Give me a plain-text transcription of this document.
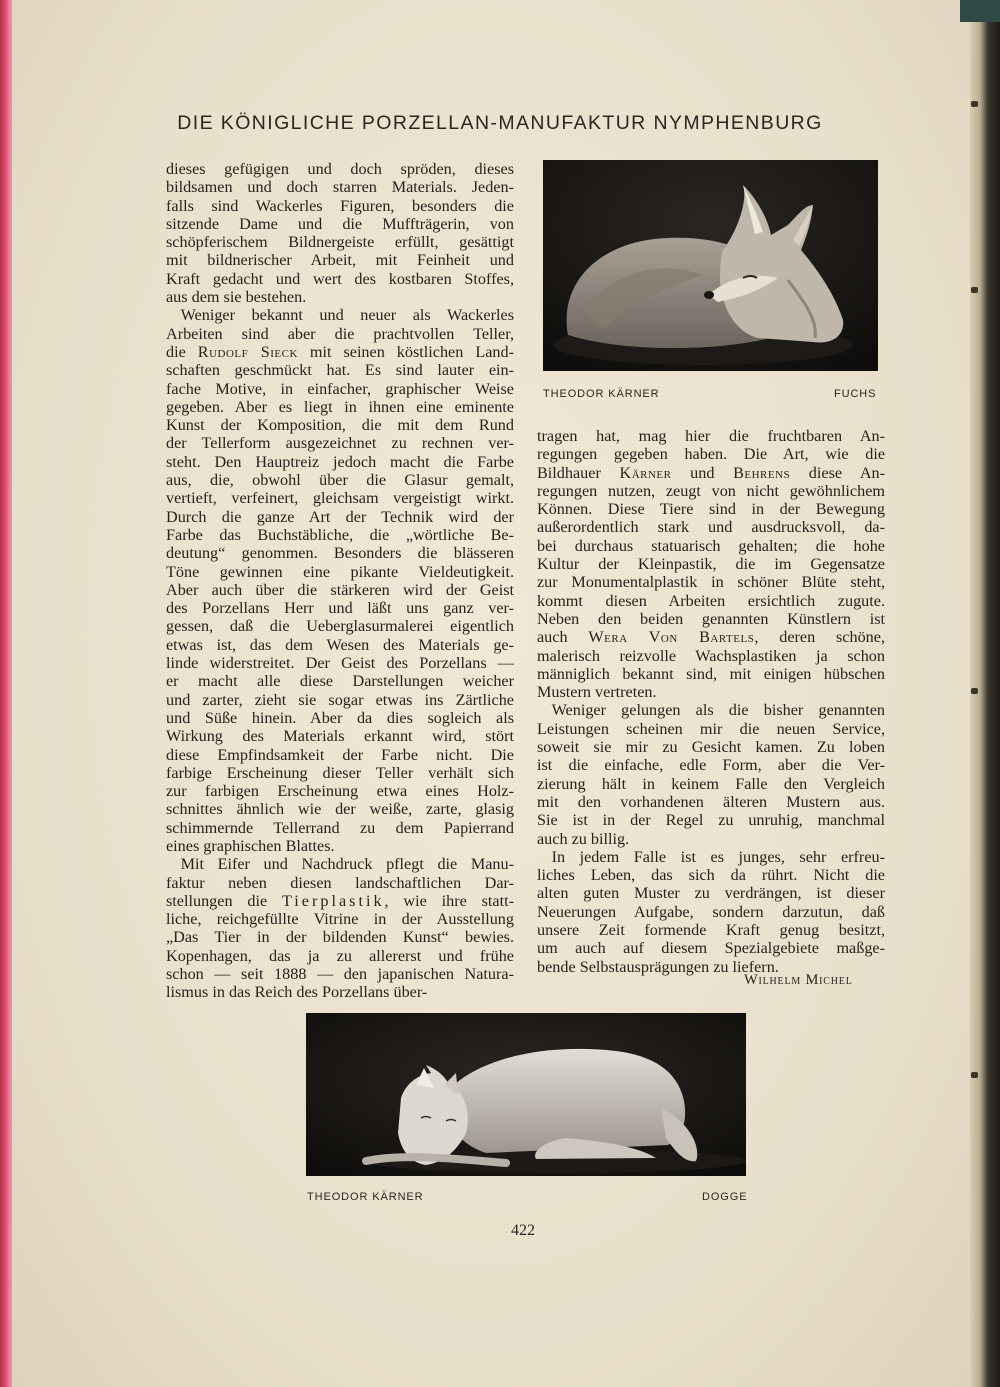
DIE KÖNIGLICHE PORZELLAN-MANUFAKTUR NYMPHENBURG

dieses gefügigen und doch spröden, dieses

bildsamen und doch starren Materials. Jeden-

falls sind Wackerles Figuren, besonders die

sitzende Dame und die Muffträgerin, von

schöpferischem Bildnergeiste erfüllt, gesättigt

mit bildnerischer Arbeit, mit Feinheit und

Kraft gedacht und wert des kostbaren Stoffes,

aus dem sie bestehen.

Weniger bekannt und neuer als Wackerles

Arbeiten sind aber die prachtvollen Teller,

die Rudolf Sieck mit seinen köstlichen Land-

schaften geschmückt hat. Es sind lauter ein-

fache Motive, in einfacher, graphischer Weise

gegeben. Aber es liegt in ihnen eine eminente

Kunst der Komposition, die mit dem Rund

der Tellerform ausgezeichnet zu rechnen ver-

steht. Den Hauptreiz jedoch macht die Farbe

aus, die, obwohl über die Glasur gemalt,

vertieft, verfeinert, gleichsam vergeistigt wirkt.

Durch die ganze Art der Technik wird der

Farbe das Buchstäbliche, die „wörtliche Be-

deutung“ genommen. Besonders die blässeren

Töne gewinnen eine pikante Vieldeutigkeit.

Aber auch über die stärkeren wird der Geist

des Porzellans Herr und läßt uns ganz ver-

gessen, daß die Ueberglasurmalerei eigentlich

etwas ist, das dem Wesen des Materials ge-

linde widerstreitet. Der Geist des Porzellans —

er macht alle diese Darstellungen weicher

und zarter, zieht sie sogar etwas ins Zärtliche

und Süße hinein. Aber da dies sogleich als

Wirkung des Materials erkannt wird, stört

diese Empfindsamkeit der Farbe nicht. Die

farbige Erscheinung dieser Teller verhält sich

zur farbigen Erscheinung etwa eines Holz-

schnittes ähnlich wie der weiße, zarte, glasig

schimmernde Tellerrand zu dem Papierrand

eines graphischen Blattes.

Mit Eifer und Nachdruck pflegt die Manu-

faktur neben diesen landschaftlichen Dar-

stellungen die Tierplastik, wie ihre statt-

liche, reichgefüllte Vitrine in der Ausstellung

„Das Tier in der bildenden Kunst“ bewies.

Kopenhagen, das ja zu allererst und frühe

schon — seit 1888 — den japanischen Natura-

lismus in das Reich des Porzellans über-

tragen hat, mag hier die fruchtbaren An-

regungen gegeben haben. Die Art, wie die

Bildhauer Kärner und Behrens diese An-

regungen nutzen, zeugt von nicht gewöhnlichem

Können. Diese Tiere sind in der Bewegung

außerordentlich stark und ausdrucksvoll, da-

bei durchaus statuarisch gehalten; die hohe

Kultur der Kleinpastik, die im Gegensatze

zur Monumentalplastik in schöner Blüte steht,

kommt diesen Arbeiten ersichtlich zugute.

Neben den beiden genannten Künstlern ist

auch Wera Von Bartels, deren schöne,

malerisch reizvolle Wachsplastiken ja schon

männiglich bekannt sind, mit einigen hübschen

Mustern vertreten.

Weniger gelungen als die bisher genannten

Leistungen scheinen mir die neuen Service,

soweit sie mir zu Gesicht kamen. Zu loben

ist die einfache, edle Form, aber die Ver-

zierung hält in keinem Falle den Vergleich

mit den vorhandenen älteren Mustern aus.

Sie ist in der Regel zu unruhig, manchmal

auch zu billig.

In jedem Falle ist es junges, sehr erfreu-

liches Leben, das sich da rührt. Nicht die

alten guten Muster zu verdrängen, ist dieser

Neuerungen Aufgabe, sondern darzutun, daß

unsere Zeit formende Kraft genug besitzt,

um auch auf diesem Spezialgebiete maßge-

bende Selbstausprägungen zu liefern.

THEODOR KÄRNER	FUCHS
Wilhelm Michel
THEODOR KÄRNER	DOGGE
422
